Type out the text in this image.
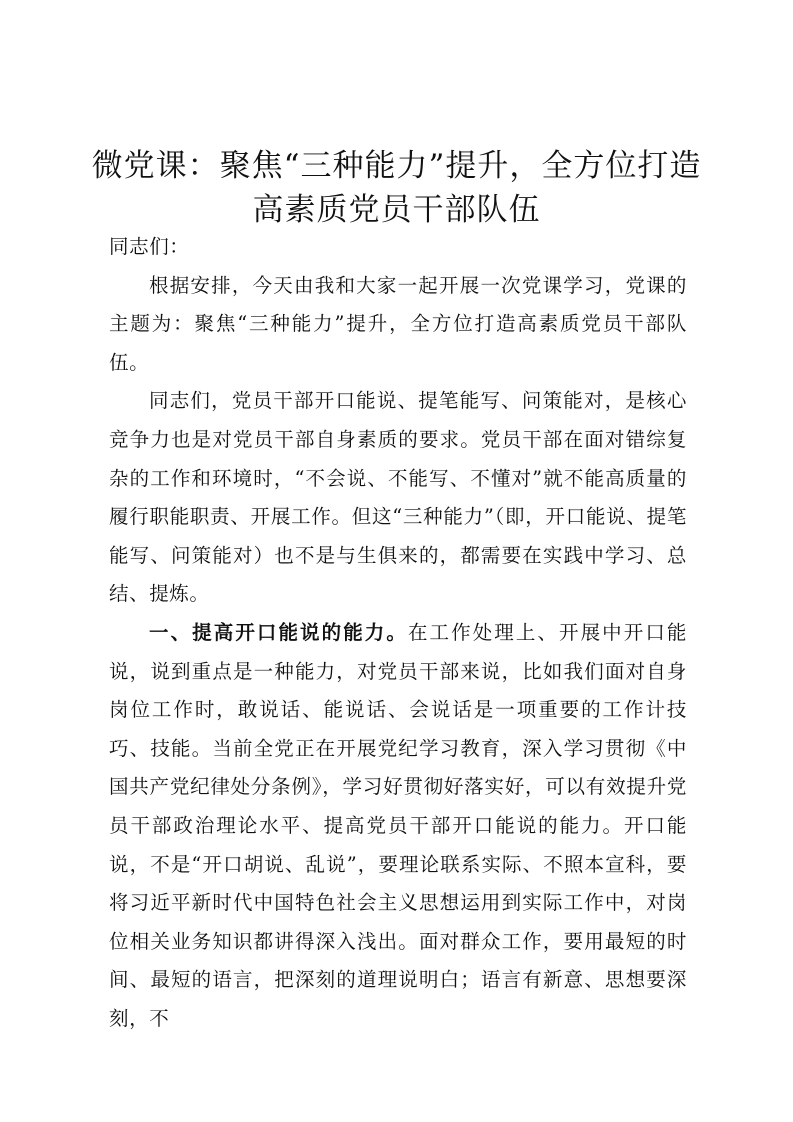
微党课：聚焦“三种能力”提升，全方位打造
高素质党员干部队伍

同志们：

根据安排，今天由我和大家一起开展一次党课学习，党课的主题为：聚焦“三种能力”提升，全方位打造高素质党员干部队伍。

同志们，党员干部开口能说、提笔能写、问策能对，是核心竞争力也是对党员干部自身素质的要求。党员干部在面对错综复杂的工作和环境时，“不会说、不能写、不懂对”就不能高质量的履行职能职责、开展工作。但这“三种能力”（即，开口能说、提笔能写、问策能对）也不是与生俱来的，都需要在实践中学习、总结、提炼。

一、提高开口能说的能力。在工作处理上、开展中开口能说，说到重点是一种能力，对党员干部来说，比如我们面对自身岗位工作时，敢说话、能说话、会说话是一项重要的工作计技巧、技能。当前全党正在开展党纪学习教育，深入学习贯彻《中国共产党纪律处分条例》，学习好贯彻好落实好，可以有效提升党员干部政治理论水平、提高党员干部开口能说的能力。开口能说，不是“开口胡说、乱说”，要理论联系实际、不照本宣科，要将习近平新时代中国特色社会主义思想运用到实际工作中，对岗位相关业务知识都讲得深入浅出。面对群众工作，要用最短的时间、最短的语言，把深刻的道理说明白；语言有新意、思想要深刻，不
